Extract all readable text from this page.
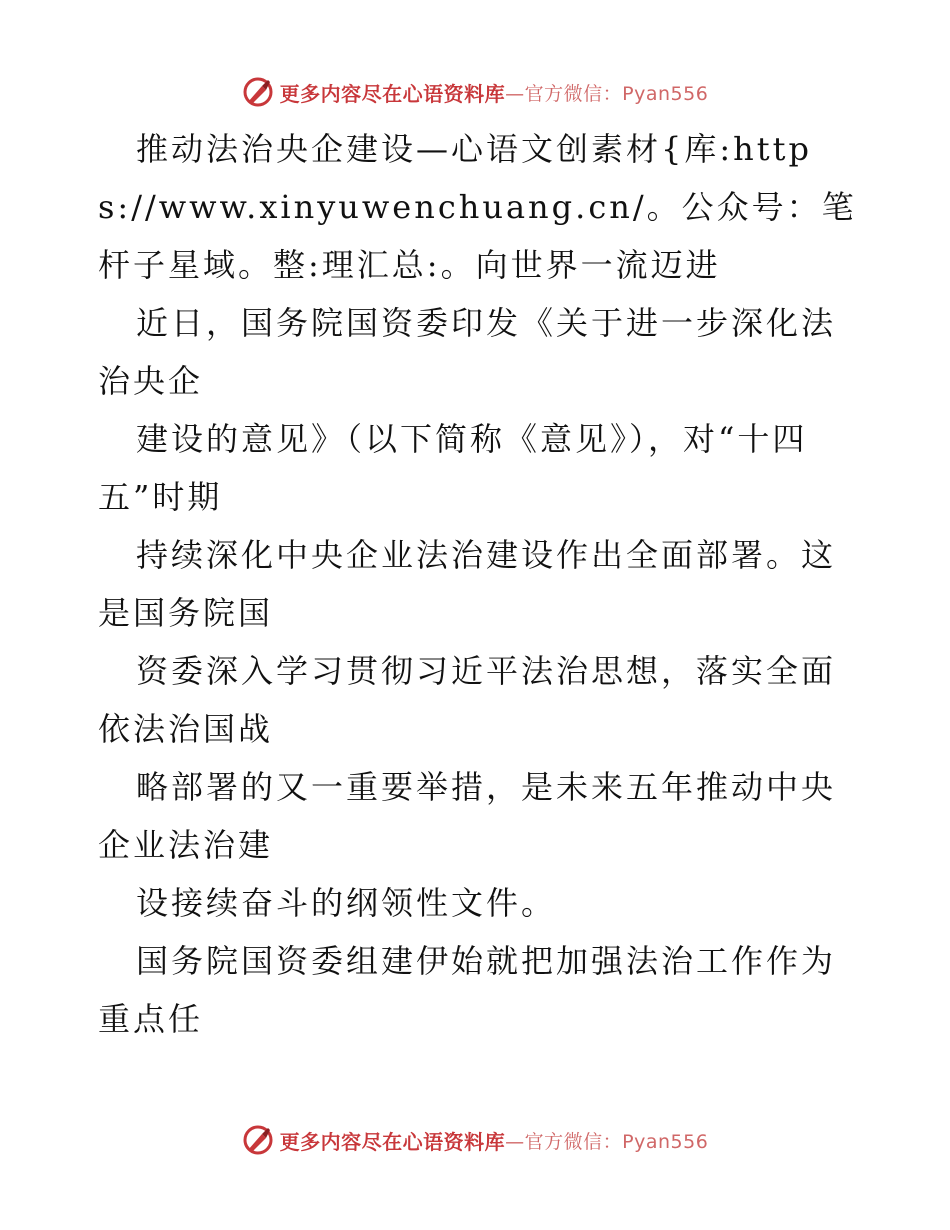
更多内容尽在心语资料库 —官方微信：Pyan556

推动法治央企建设—心语文创素材{库:https://www.xinyuwenchuang.cn/。公众号：笔杆子星域。整:理汇总:。向世界一流迈进

近日，国务院国资委印发《关于进一步深化法治央企

建设的意见》（以下简称《意见》），对“十四五”时期

持续深化中央企业法治建设作出全面部署。这是国务院国

资委深入学习贯彻习近平法治思想，落实全面依法治国战

略部署的又一重要举措，是未来五年推动中央企业法治建

设接续奋斗的纲领性文件。

国务院国资委组建伊始就把加强法治工作作为重点任

更多内容尽在心语资料库 —官方微信：Pyan556
